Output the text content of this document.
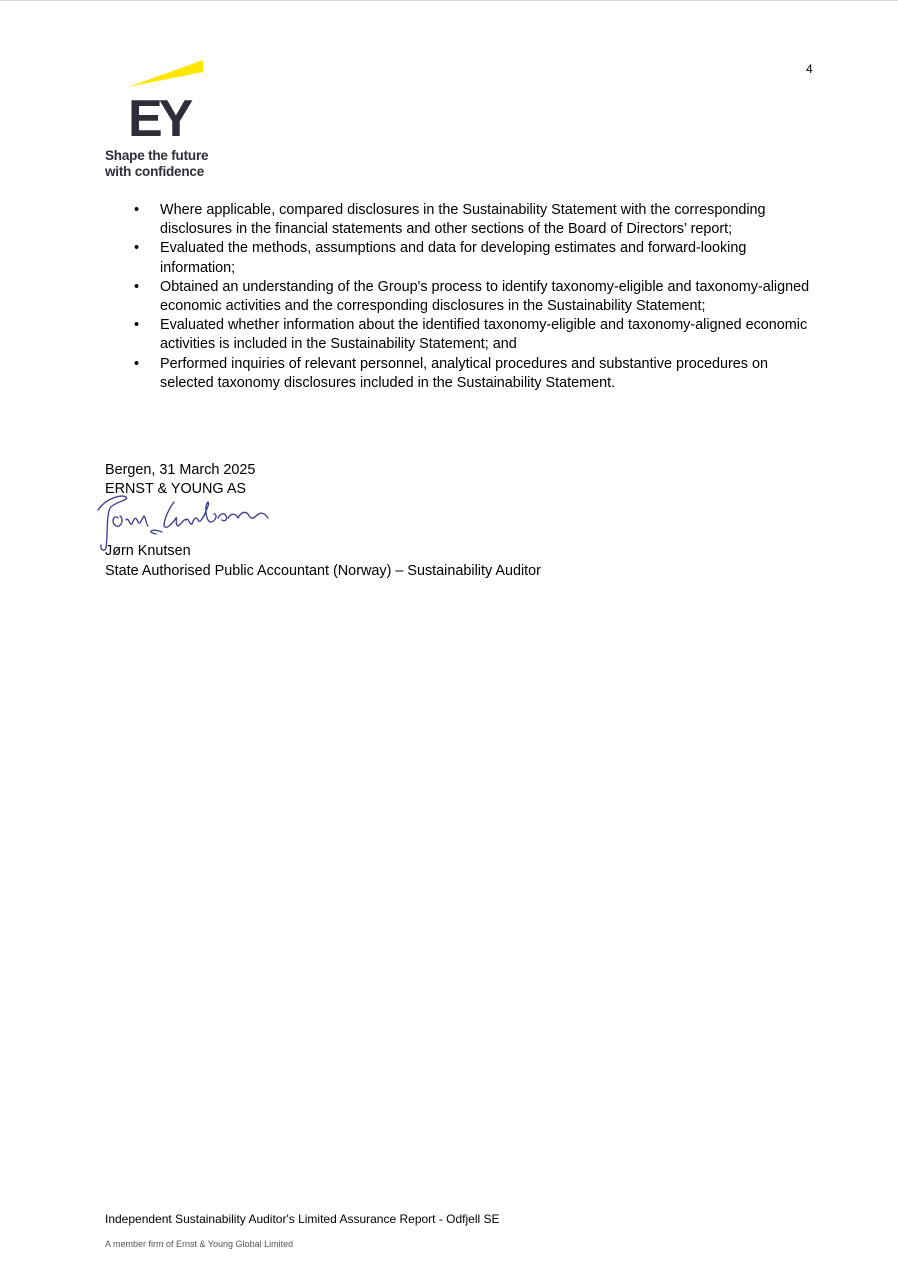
4
EY
Shape the future
with confidence
• Where applicable, compared disclosures in the Sustainability Statement with the corresponding disclosures in the financial statements and other sections of the Board of Directors’ report;
• Evaluated the methods, assumptions and data for developing estimates and forward-looking information;
• Obtained an understanding of the Group's process to identify taxonomy-eligible and taxonomy-aligned economic activities and the corresponding disclosures in the Sustainability Statement;
• Evaluated whether information about the identified taxonomy-eligible and taxonomy-aligned economic activities is included in the Sustainability Statement; and
• Performed inquiries of relevant personnel, analytical procedures and substantive procedures on selected taxonomy disclosures included in the Sustainability Statement.
Bergen, 31 March 2025
ERNST & YOUNG AS
Jørn Knutsen
State Authorised Public Accountant (Norway) – Sustainability Auditor
Jørn Knutsen
Independent Sustainability Auditor's Limited Assurance Report - Odfjell SE
A member firm of Ernst & Young Global Limited
